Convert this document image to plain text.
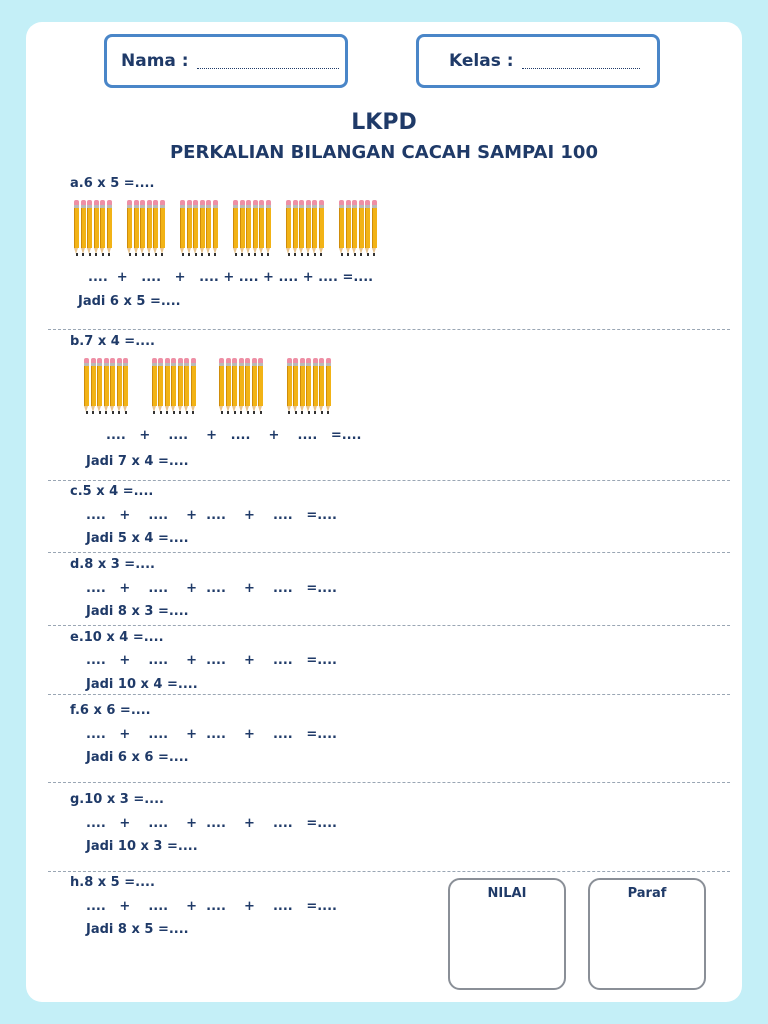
Nama :	Kelas :
LKPD
PERKALIAN BILANGAN CACAH SAMPAI 100
a.6 x 5 =....
....  +   ....   +   .... + .... + .... + .... =....
Jadi 6 x 5 =....
b.7 x 4 =....
....   +    ....    +   ....    +    ....   =....
Jadi 7 x 4 =....
c.5 x 4 =....
....   +    ....    +  ....    +    ....   =....
Jadi 5 x 4 =....
d.8 x 3 =....
....   +    ....    +  ....    +    ....   =....
Jadi 8 x 3 =....
e.10 x 4 =....
....   +    ....    +  ....    +    ....   =....
Jadi 10 x 4 =....
f.6 x 6 =....
....   +    ....    +  ....    +    ....   =....
Jadi 6 x 6 =....
g.10 x 3 =....
....   +    ....    +  ....    +    ....   =....
Jadi 10 x 3 =....
h.8 x 5 =....
....   +    ....    +  ....    +    ....   =....
Jadi 8 x 5 =....
NILAI	Paraf
